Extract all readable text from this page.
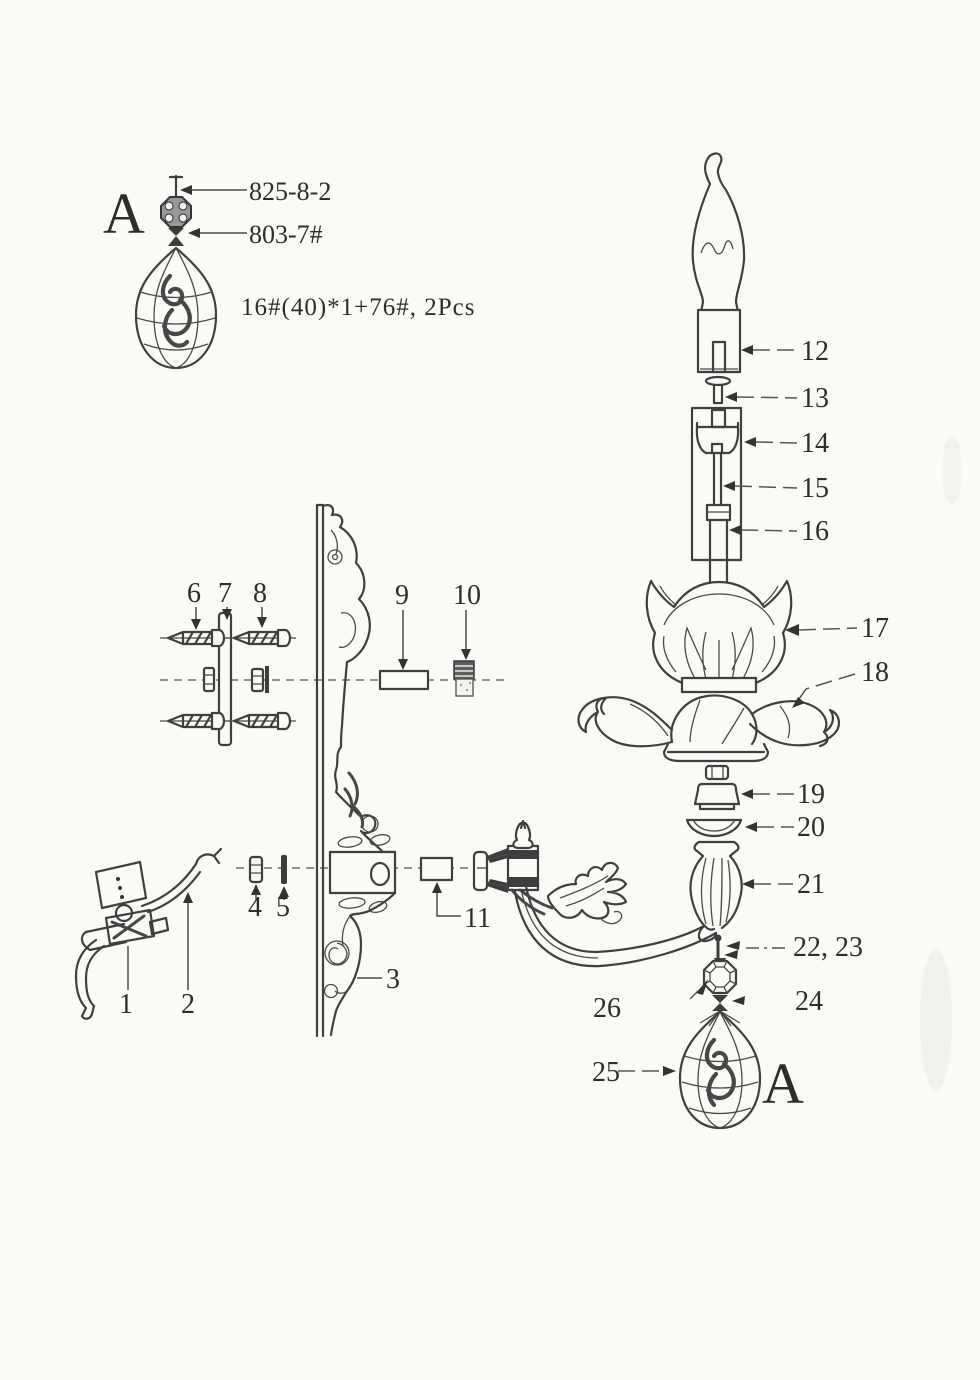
A	825-8-2
803-7#
16#(40)*1+76#, 2Pcs
6 7 8	9 10
3
1 2
4 5	11
26
A
12
13
14
15
16
17
18
19
20
21
22, 23
24
25
